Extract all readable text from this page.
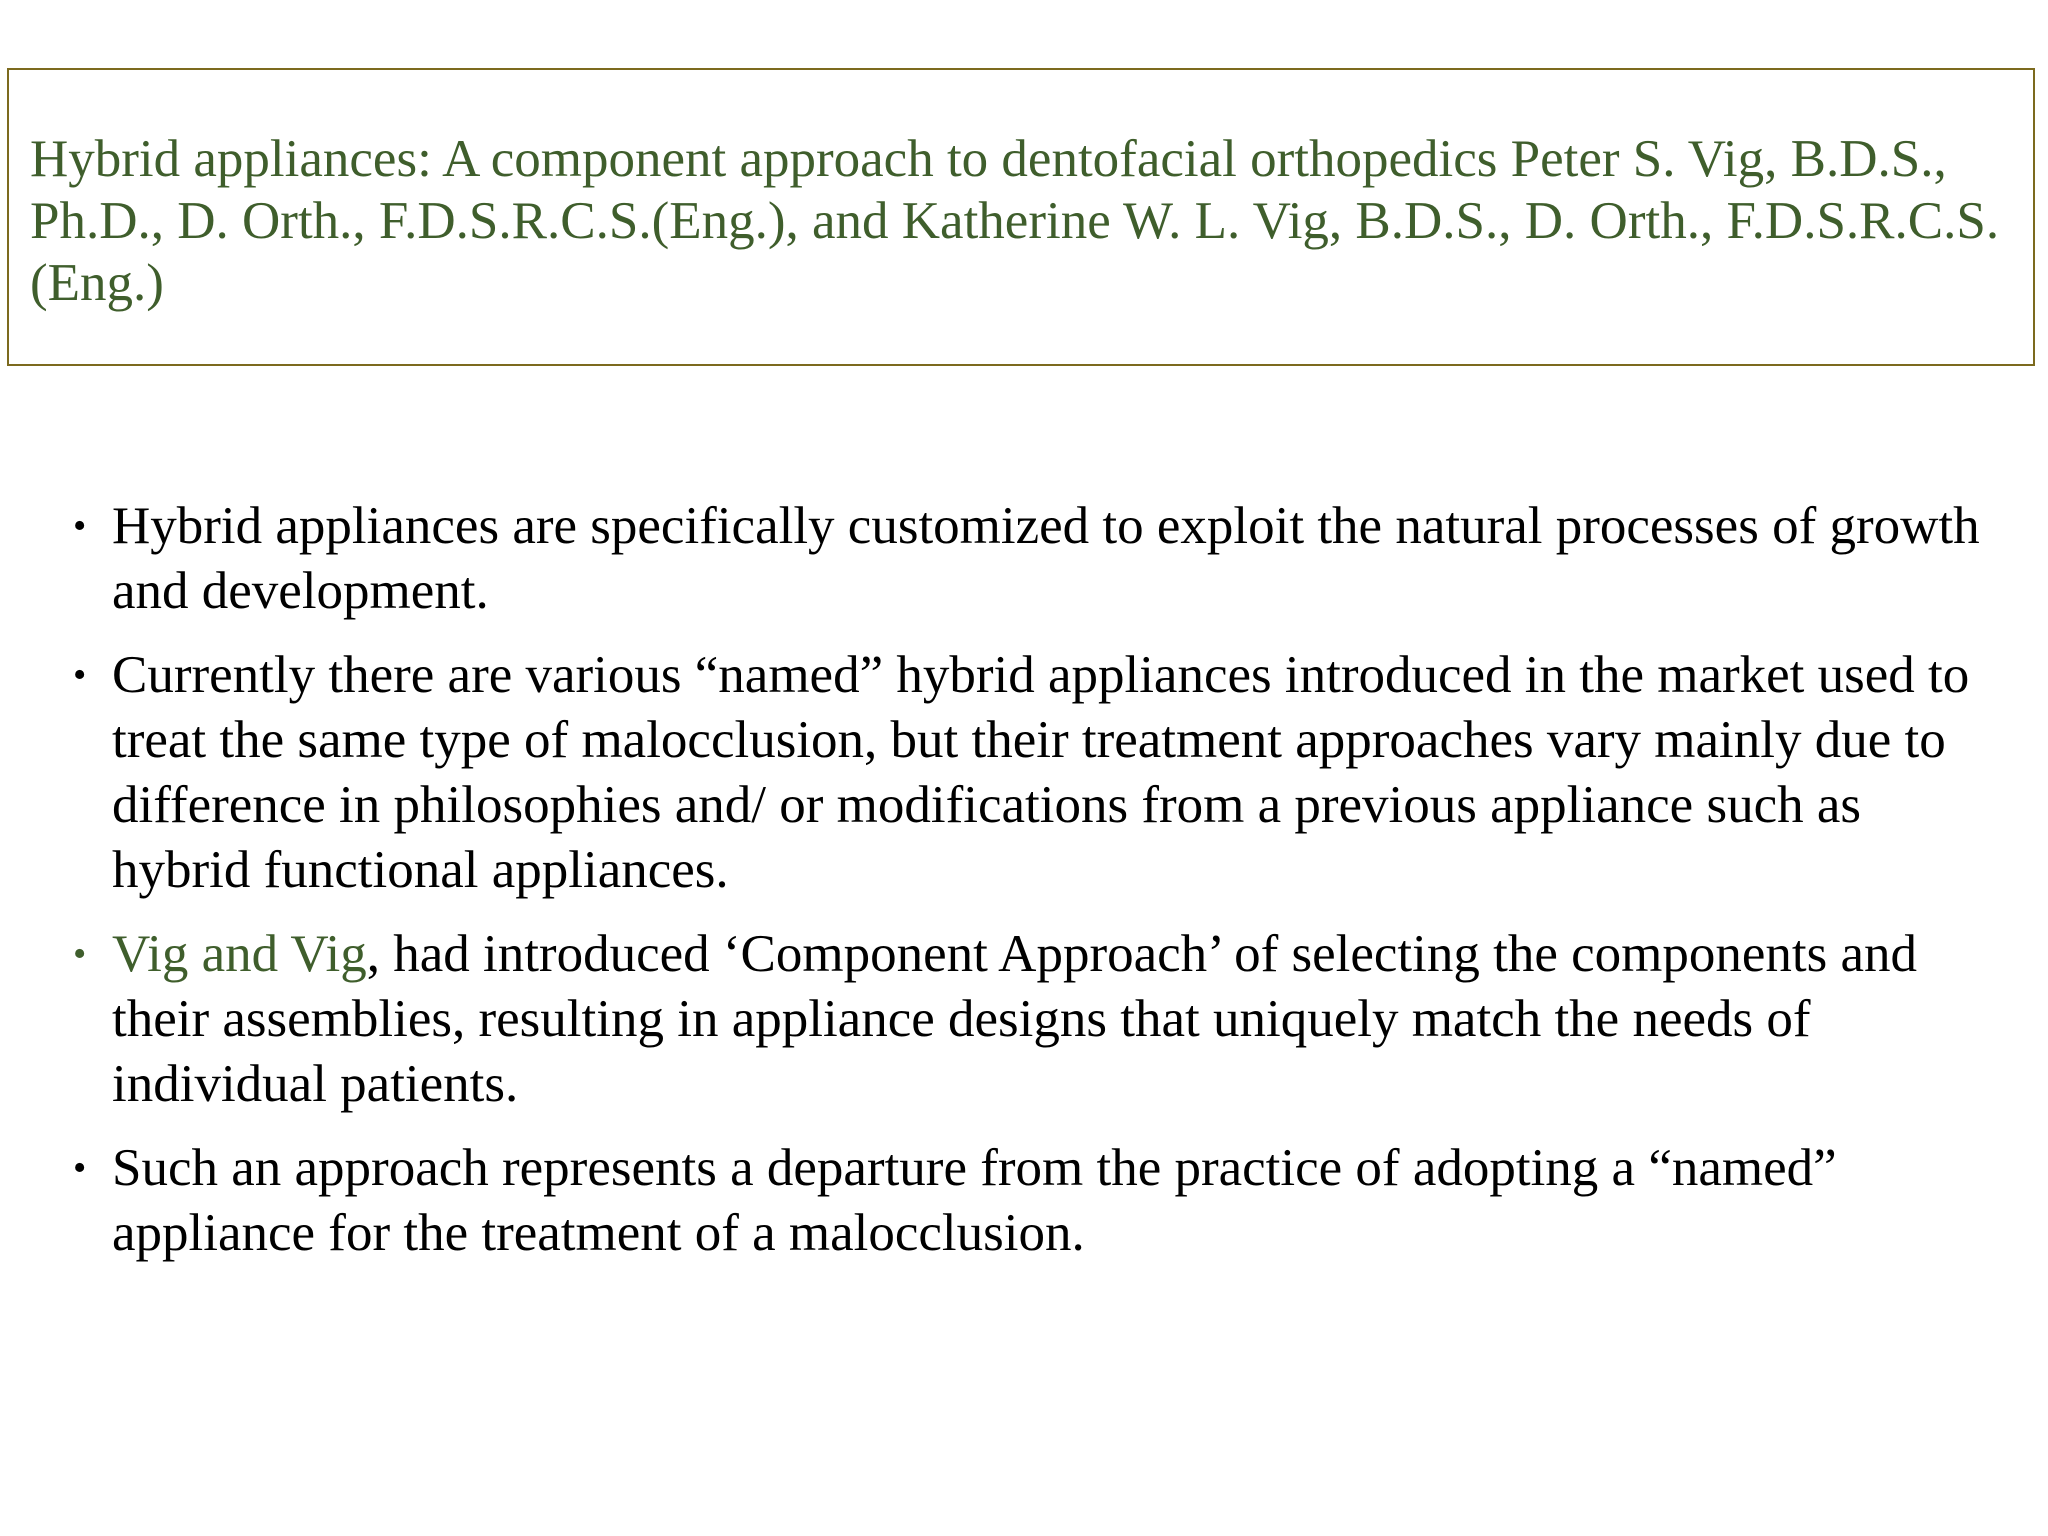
Hybrid appliances: A component approach to dentofacial orthopedics Peter S. Vig, B.D.S., Ph.D., D. Orth., F.D.S.R.C.S.(Eng.), and Katherine W. L. Vig, B.D.S., D. Orth., F.D.S.R.C.S.(Eng.)
• Hybrid appliances are specifically customized to exploit the natural processes of growth and development.
• Currently there are various “named” hybrid appliances introduced in the market used to treat the same type of malocclusion, but their treatment approaches vary mainly due to difference in philosophies and/ or modifications from a previous appliance such as hybrid functional appliances.
• Vig and Vig, had introduced ‘Component Approach’ of selecting the components and their assemblies, resulting in appliance designs that uniquely match the needs of individual patients.
• Such an approach represents a departure from the practice of adopting a “named” appliance for the treatment of a malocclusion.
